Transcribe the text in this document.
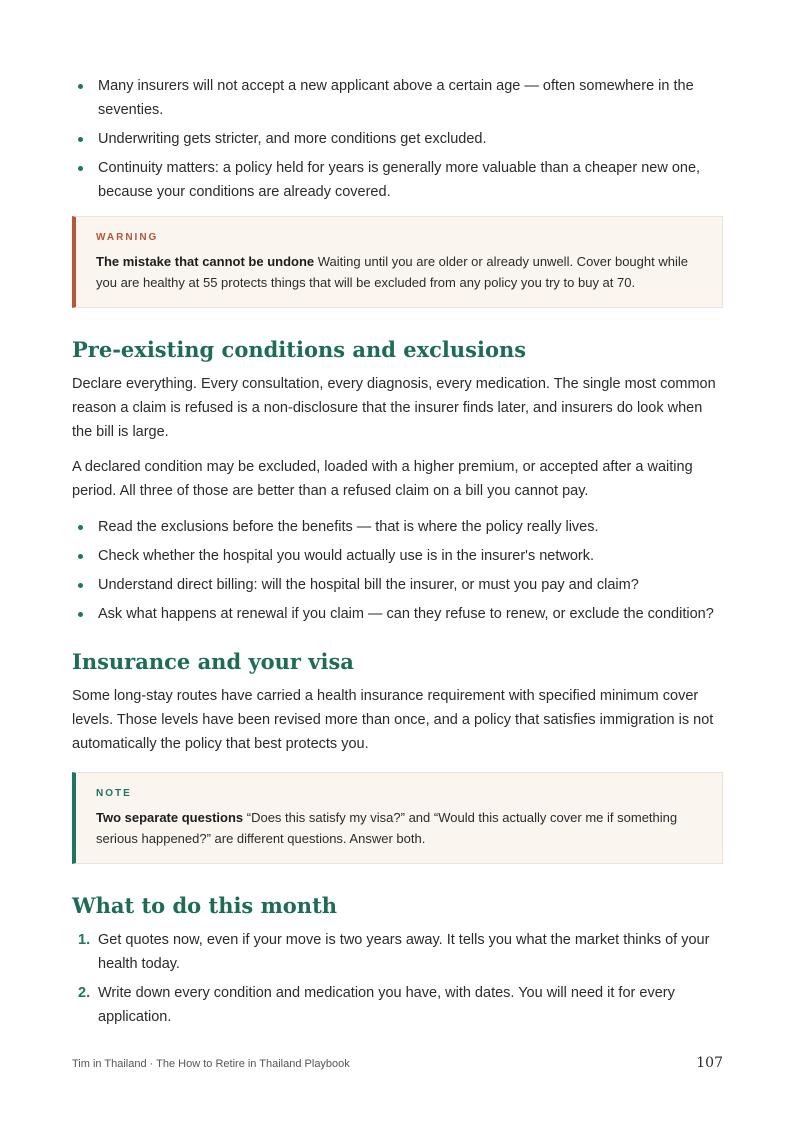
Many insurers will not accept a new applicant above a certain age — often somewhere in the seventies.
Underwriting gets stricter, and more conditions get excluded.
Continuity matters: a policy held for years is generally more valuable than a cheaper new one, because your conditions are already covered.
WARNING
The mistake that cannot be undone Waiting until you are older or already unwell. Cover bought while you are healthy at 55 protects things that will be excluded from any policy you try to buy at 70.
Pre-existing conditions and exclusions

Declare everything. Every consultation, every diagnosis, every medication. The single most common reason a claim is refused is a non-disclosure that the insurer finds later, and insurers do look when the bill is large.

A declared condition may be excluded, loaded with a higher premium, or accepted after a waiting period. All three of those are better than a refused claim on a bill you cannot pay.

Read the exclusions before the benefits — that is where the policy really lives.
Check whether the hospital you would actually use is in the insurer's network.
Understand direct billing: will the hospital bill the insurer, or must you pay and claim?
Ask what happens at renewal if you claim — can they refuse to renew, or exclude the condition?
Insurance and your visa

Some long-stay routes have carried a health insurance requirement with specified minimum cover levels. Those levels have been revised more than once, and a policy that satisfies immigration is not automatically the policy that best protects you.

NOTE
Two separate questions “Does this satisfy my visa?” and “Would this actually cover me if something serious happened?” are different questions. Answer both.
What to do this month
1. Get quotes now, even if your move is two years away. It tells you what the market thinks of your health today.
2. Write down every condition and medication you have, with dates. You will need it for every application.
Tim in Thailand · The How to Retire in Thailand Playbook	107
